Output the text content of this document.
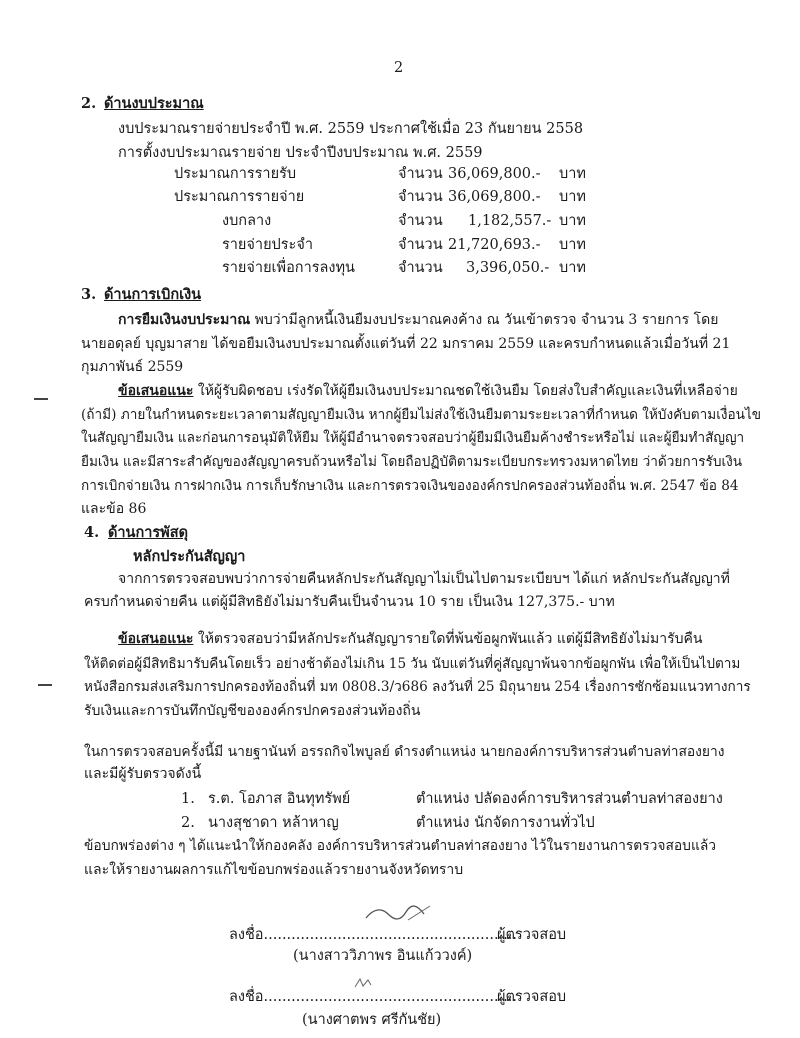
2
2. ด้านงบประมาณ
งบประมาณรายจ่ายประจำปี พ.ศ. 2559 ประกาศใช้เมื่อ 23 กันยายน 2558
การตั้งงบประมาณรายจ่าย ประจำปีงบประมาณ พ.ศ. 2559
ประมาณการรายรับ	จำนวน 36,069,800.- บาท
ประมาณการรายจ่าย	จำนวน 36,069,800.- บาท
งบกลาง	จำนวน 1,182,557.- บาท
รายจ่ายประจำ	จำนวน 21,720,693.- บาท
รายจ่ายเพื่อการลงทุน	จำนวน 3,396,050.- บาท
3. ด้านการเบิกเงิน
การยืมเงินงบประมาณ พบว่ามีลูกหนี้เงินยืมงบประมาณคงค้าง ณ วันเข้าตรวจ จำนวน 3 รายการ โดย
นายอดุลย์ บุญมาสาย ได้ขอยืมเงินงบประมาณตั้งแต่วันที่ 22 มกราคม 2559 และครบกำหนดแล้วเมื่อวันที่ 21
กุมภาพันธ์ 2559
ข้อเสนอแนะ ให้ผู้รับผิดชอบ เร่งรัดให้ผู้ยืมเงินงบประมาณชดใช้เงินยืม โดยส่งใบสำคัญและเงินที่เหลือจ่าย
(ถ้ามี) ภายในกำหนดระยะเวลาตามสัญญายืมเงิน หากผู้ยืมไม่ส่งใช้เงินยืมตามระยะเวลาที่กำหนด ให้บังคับตามเงื่อนไข
ในสัญญายืมเงิน และก่อนการอนุมัติให้ยืม ให้ผู้มีอำนาจตรวจสอบว่าผู้ยืมมีเงินยืมค้างชำระหรือไม่ และผู้ยืมทำสัญญา
ยืมเงิน และมีสาระสำคัญของสัญญาครบถ้วนหรือไม่ โดยถือปฏิบัติตามระเบียบกระทรวงมหาดไทย ว่าด้วยการรับเงิน
การเบิกจ่ายเงิน การฝากเงิน การเก็บรักษาเงิน และการตรวจเงินขององค์กรปกครองส่วนท้องถิ่น พ.ศ. 2547 ข้อ 84
และข้อ 86
4. ด้านการพัสดุ
หลักประกันสัญญา
จากการตรวจสอบพบว่าการจ่ายคืนหลักประกันสัญญาไม่เป็นไปตามระเบียบฯ ได้แก่ หลักประกันสัญญาที่
ครบกำหนดจ่ายคืน แต่ผู้มีสิทธิยังไม่มารับคืนเป็นจำนวน 10 ราย เป็นเงิน 127,375.- บาท
ข้อเสนอแนะ ให้ตรวจสอบว่ามีหลักประกันสัญญารายใดที่พ้นข้อผูกพันแล้ว แต่ผู้มีสิทธิยังไม่มารับคืน
ให้ติดต่อผู้มีสิทธิมารับคืนโดยเร็ว อย่างช้าต้องไม่เกิน 15 วัน นับแต่วันที่คู่สัญญาพ้นจากข้อผูกพัน เพื่อให้เป็นไปตาม
หนังสือกรมส่งเสริมการปกครองท้องถิ่นที่ มท 0808.3/ว686 ลงวันที่ 25 มิถุนายน 254 เรื่องการซักซ้อมแนวทางการ
รับเงินและการบันทึกบัญชีขององค์กรปกครองส่วนท้องถิ่น
ในการตรวจสอบครั้งนี้มี นายฐานันท์ อรรถกิจไพบูลย์ ดำรงตำแหน่ง นายกองค์การบริหารส่วนตำบลท่าสองยาง
และมีผู้รับตรวจดังนี้
1. ร.ต. โอภาส อินทุทรัพย์	ตำแหน่ง ปลัดองค์การบริหารส่วนตำบลท่าสองยาง
2. นางสุชาดา หล้าหาญ	ตำแหน่ง นักจัดการงานทั่วไป
ข้อบกพร่องต่าง ๆ ได้แนะนำให้กองคลัง องค์การบริหารส่วนตำบลท่าสองยาง ไว้ในรายงานการตรวจสอบแล้ว
และให้รายงานผลการแก้ไขข้อบกพร่องแล้วรายงานจังหวัดทราบ
ลงชื่อ.......................................................
ผู้ตรวจสอบ
(นางสาววิภาพร อินแก้ววงค์)
ลงชื่อ.......................................................
ผู้ตรวจสอบ
(นางศาตพร ศรีกันชัย)
